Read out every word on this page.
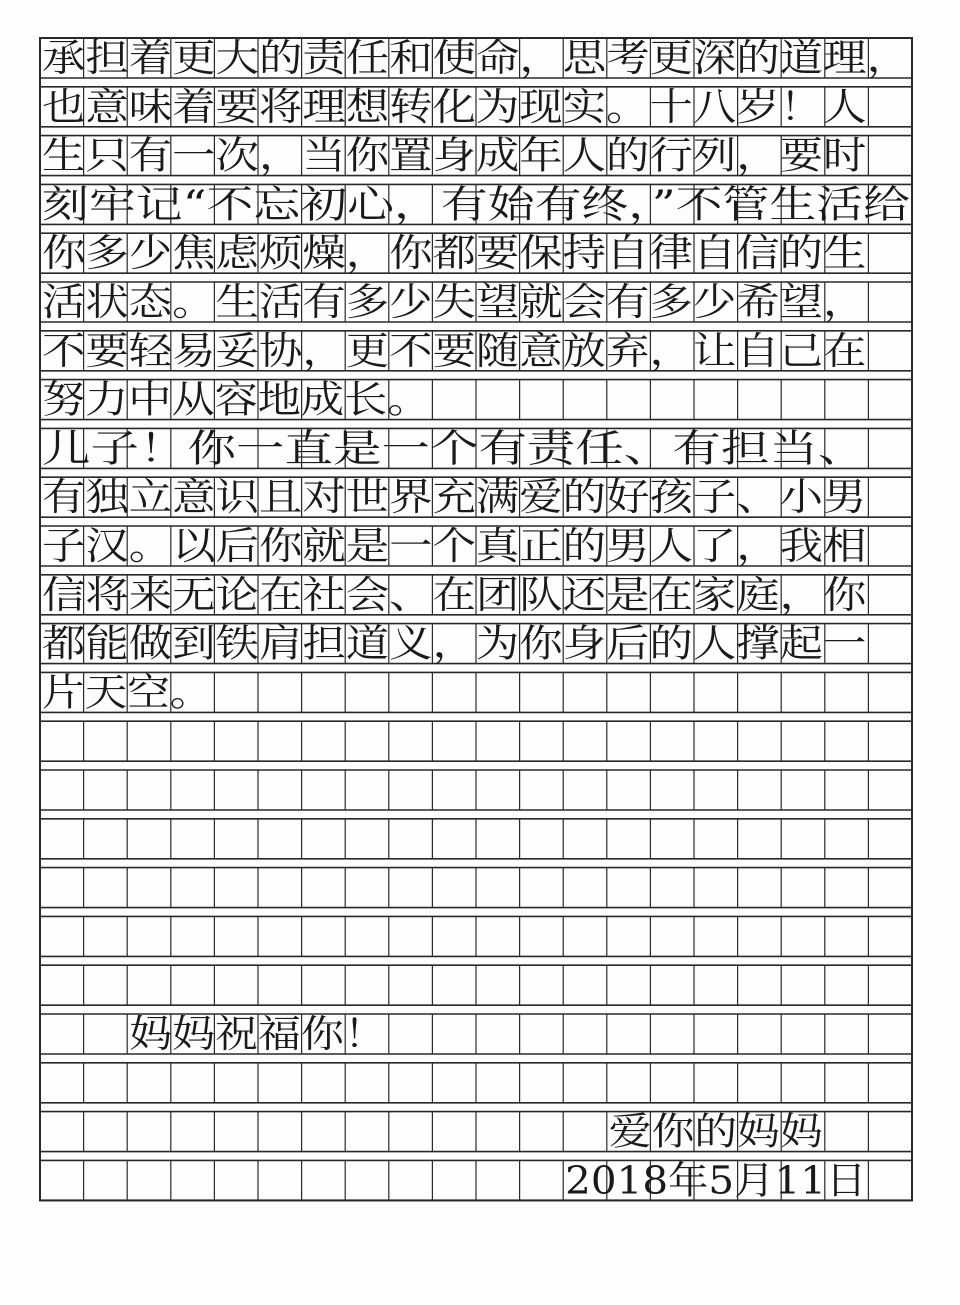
承担着更大的责任和使命，思考更深的道理，
也意味着要将理想转化为现实。十八岁！人
生只有一次，当你置身成年人的行列，要时
刻牢记“不忘初心，有始有终，”不管生活给
你多少焦虑烦燥，你都要保持自律自信的生
活状态。生活有多少失望就会有多少希望，
不要轻易妥协，更不要随意放弃，让自己在
努力中从容地成长。
儿子！你一直是一个有责任、有担当、
有独立意识且对世界充满爱的好孩子、小男
子汉。以后你就是一个真正的男人了，我相
信将来无论在社会、在团队还是在家庭，你
都能做到铁肩担道义，为你身后的人撑起一
片天空。
妈妈祝福你！
爱你的妈妈
2018年5月11日
